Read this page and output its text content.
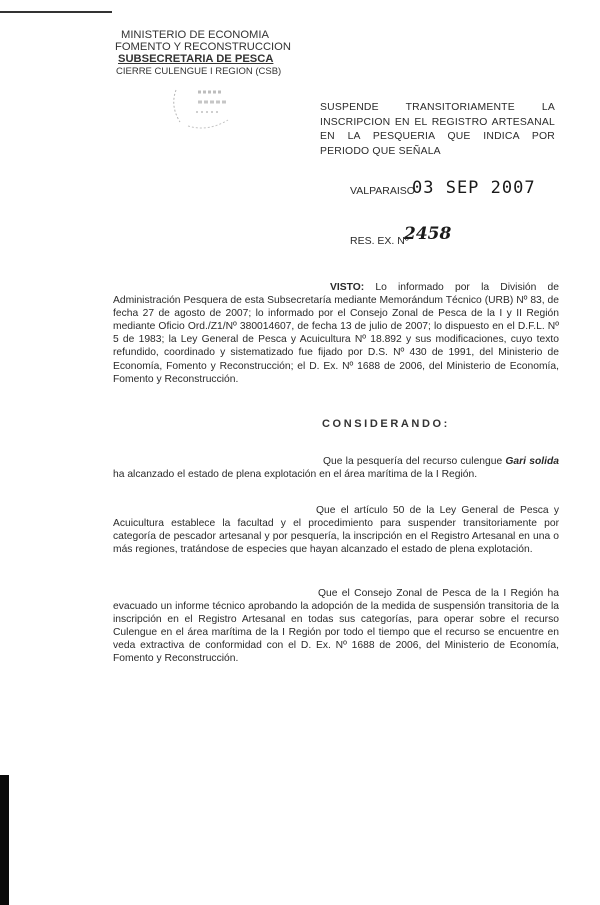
MINISTERIO DE ECONOMIA
FOMENTO Y RECONSTRUCCION
SUBSECRETARIA DE PESCA
CIERRE CULENGUE I REGION (CSB)
SUSPENDE TRANSITORIAMENTE LA
INSCRIPCION EN EL REGISTRO ARTESANAL
EN LA PESQUERIA QUE INDICA POR
PERIODO QUE SEÑALA
VALPARAISO
03 SEP 2007
RES. EX. Nº
2458
VISTO: Lo informado por la División de Administración Pesquera de esta Subsecretaría mediante Memorándum Técnico (URB) Nº 83, de fecha 27 de agosto de 2007; lo informado por el Consejo Zonal de Pesca de la I y II Región mediante Oficio Ord./Z1/Nº 380014607, de fecha 13 de julio de 2007; lo dispuesto en el D.F.L. Nº 5 de 1983; la Ley General de Pesca y Acuicultura Nº 18.892 y sus modificaciones, cuyo texto refundido, coordinado y sistematizado fue fijado por D.S. Nº 430 de 1991, del Ministerio de Economía, Fomento y Reconstrucción; el D. Ex. Nº 1688 de 2006, del Ministerio de Economía, Fomento y Reconstrucción.
CONSIDERANDO:
Que la pesquería del recurso culengue Gari solida ha alcanzado el estado de plena explotación en el área marítima de la I Región.
Que el artículo 50 de la Ley General de Pesca y Acuicultura establece la facultad y el procedimiento para suspender transitoriamente por categoría de pescador artesanal y por pesquería, la inscripción en el Registro Artesanal en una o más regiones, tratándose de especies que hayan alcanzado el estado de plena explotación.
Que el Consejo Zonal de Pesca de la I Región ha evacuado un informe técnico aprobando la adopción de la medida de suspensión transitoria de la inscripción en el Registro Artesanal en todas sus categorías, para operar sobre el recurso Culengue en el área marítima de la I Región por todo el tiempo que el recurso se encuentre en veda extractiva de conformidad con el D. Ex. Nº 1688 de 2006, del Ministerio de Economía, Fomento y Reconstrucción.
